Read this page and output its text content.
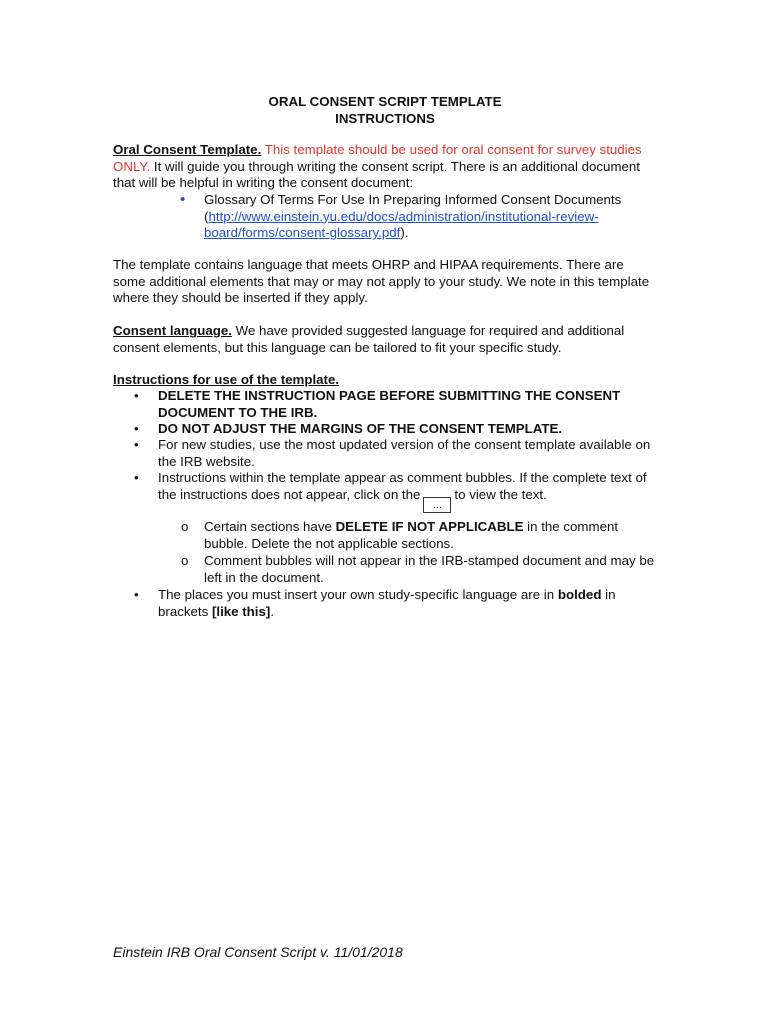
ORAL CONSENT SCRIPT TEMPLATE
INSTRUCTIONS
Oral Consent Template. This template should be used for oral consent for survey studies ONLY. It will guide you through writing the consent script. There is an additional document that will be helpful in writing the consent document:
• Glossary Of Terms For Use In Preparing Informed Consent Documents (http://www.einstein.yu.edu/docs/administration/institutional-review-board/forms/consent-glossary.pdf).
The template contains language that meets OHRP and HIPAA requirements. There are some additional elements that may or may not apply to your study. We note in this template where they should be inserted if they apply.
Consent language. We have provided suggested language for required and additional consent elements, but this language can be tailored to fit your specific study.
Instructions for use of the template.
• DELETE THE INSTRUCTION PAGE BEFORE SUBMITTING THE CONSENT DOCUMENT TO THE IRB.
• DO NOT ADJUST THE MARGINS OF THE CONSENT TEMPLATE.
• For new studies, use the most updated version of the consent template available on the IRB website.
• Instructions within the template appear as comment bubbles. If the complete text of the instructions does not appear, click on the...to view the text.
o Certain sections have DELETE IF NOT APPLICABLE in the comment bubble. Delete the not applicable sections.
o Comment bubbles will not appear in the IRB-stamped document and may be left in the document.
• The places you must insert your own study-specific language are in bolded in brackets [like this].
Einstein IRB Oral Consent Script v. 11/01/2018
